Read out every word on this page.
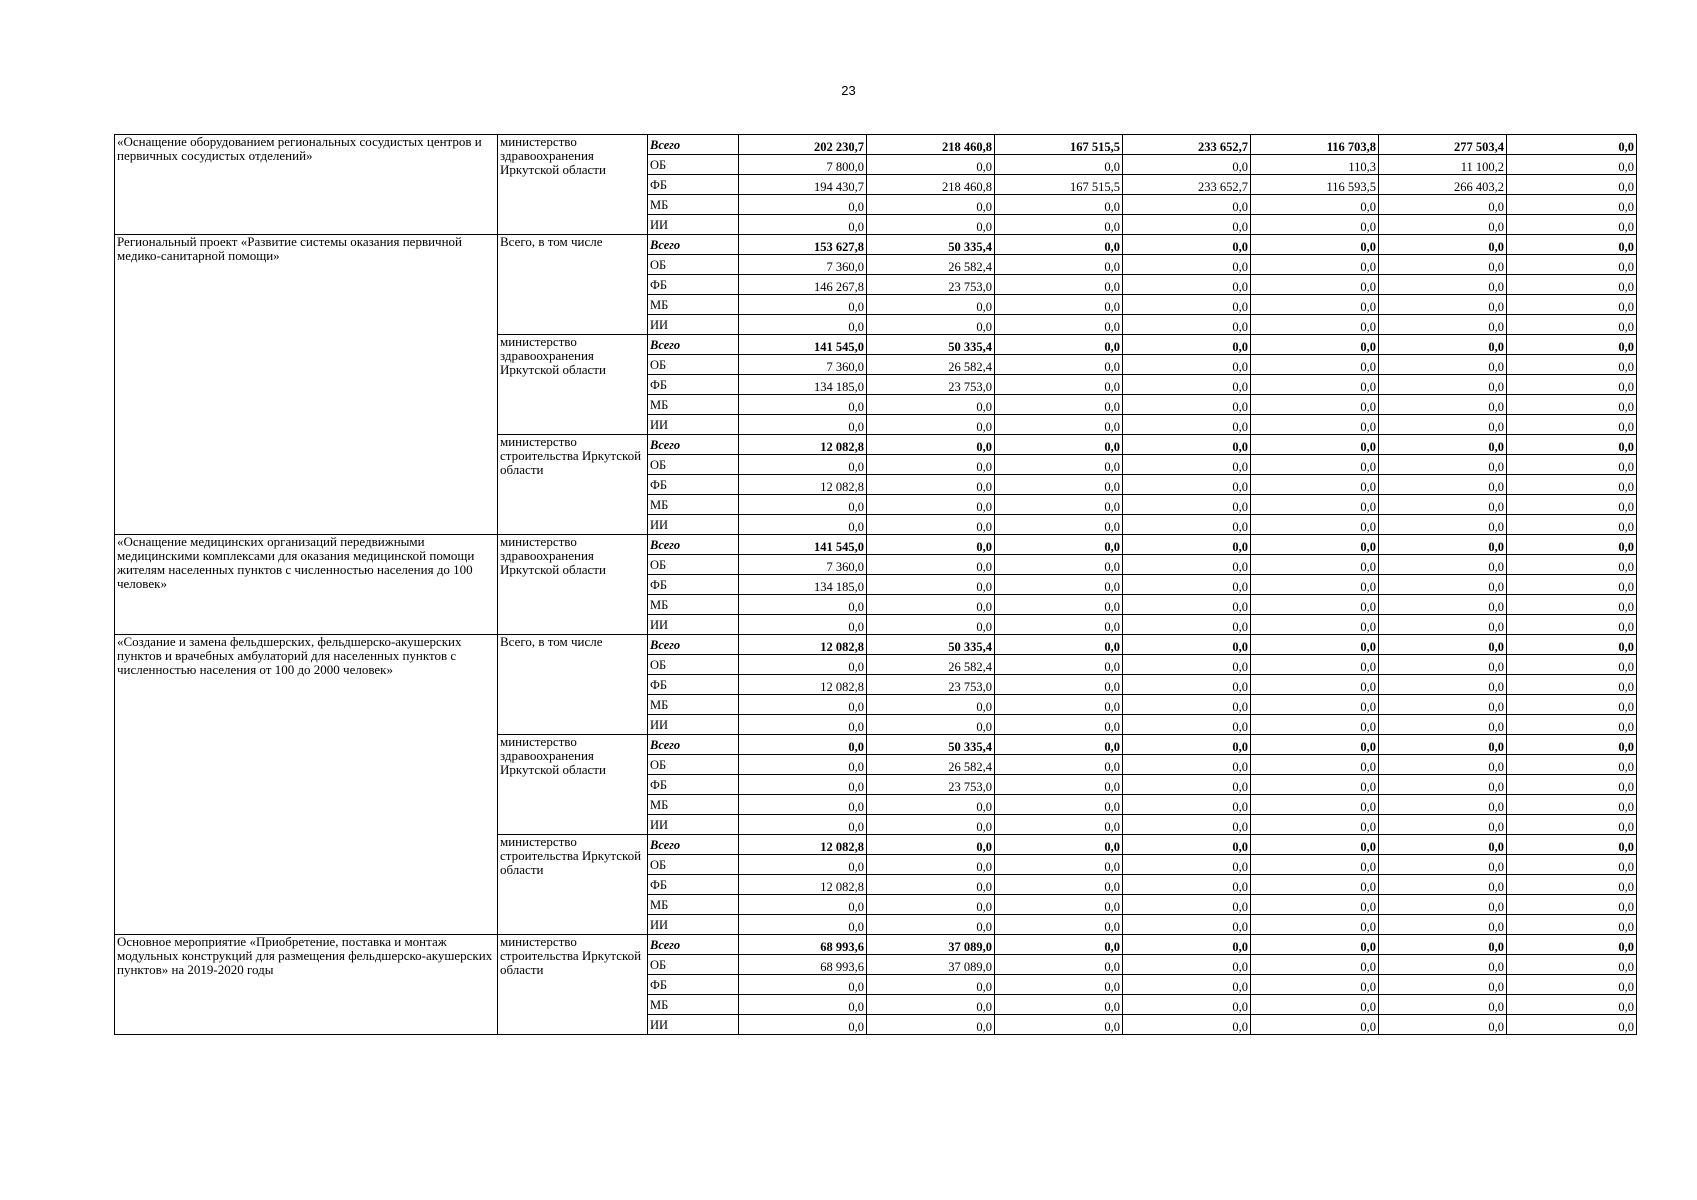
23
«Оснащение оборудованием региональных сосудистых центров и первичных сосудистых отделений»	министерство здравоохранения Иркутской области	Всего	202 230,7	218 460,8	167 515,5	233 652,7	116 703,8	277 503,4	0,0
		ОБ	7 800,0	0,0	0,0	0,0	110,3	11 100,2	0,0
		ФБ	194 430,7	218 460,8	167 515,5	233 652,7	116 593,5	266 403,2	0,0
		МБ	0,0	0,0	0,0	0,0	0,0	0,0	0,0
		ИИ	0,0	0,0	0,0	0,0	0,0	0,0	0,0
Региональный проект «Развитие системы оказания первичной медико-санитарной помощи»	Всего, в том числе	Всего	153 627,8	50 335,4	0,0	0,0	0,0	0,0	0,0
		ОБ	7 360,0	26 582,4	0,0	0,0	0,0	0,0	0,0
		ФБ	146 267,8	23 753,0	0,0	0,0	0,0	0,0	0,0
		МБ	0,0	0,0	0,0	0,0	0,0	0,0	0,0
		ИИ	0,0	0,0	0,0	0,0	0,0	0,0	0,0
	министерство здравоохранения Иркутской области	Всего	141 545,0	50 335,4	0,0	0,0	0,0	0,0	0,0
		ОБ	7 360,0	26 582,4	0,0	0,0	0,0	0,0	0,0
		ФБ	134 185,0	23 753,0	0,0	0,0	0,0	0,0	0,0
		МБ	0,0	0,0	0,0	0,0	0,0	0,0	0,0
		ИИ	0,0	0,0	0,0	0,0	0,0	0,0	0,0
	министерство строительства Иркутской области	Всего	12 082,8	0,0	0,0	0,0	0,0	0,0	0,0
		ОБ	0,0	0,0	0,0	0,0	0,0	0,0	0,0
		ФБ	12 082,8	0,0	0,0	0,0	0,0	0,0	0,0
		МБ	0,0	0,0	0,0	0,0	0,0	0,0	0,0
		ИИ	0,0	0,0	0,0	0,0	0,0	0,0	0,0
«Оснащение медицинских организаций передвижными медицинскими комплексами для оказания медицинской помощи жителям населенных пунктов с численностью населения до 100 человек»	министерство здравоохранения Иркутской области	Всего	141 545,0	0,0	0,0	0,0	0,0	0,0	0,0
		ОБ	7 360,0	0,0	0,0	0,0	0,0	0,0	0,0
		ФБ	134 185,0	0,0	0,0	0,0	0,0	0,0	0,0
		МБ	0,0	0,0	0,0	0,0	0,0	0,0	0,0
		ИИ	0,0	0,0	0,0	0,0	0,0	0,0	0,0
«Создание и замена фельдшерских, фельдшерско-акушерских пунктов и врачебных амбулаторий для населенных пунктов с численностью населения от 100 до 2000 человек»	Всего, в том числе	Всего	12 082,8	50 335,4	0,0	0,0	0,0	0,0	0,0
		ОБ	0,0	26 582,4	0,0	0,0	0,0	0,0	0,0
		ФБ	12 082,8	23 753,0	0,0	0,0	0,0	0,0	0,0
		МБ	0,0	0,0	0,0	0,0	0,0	0,0	0,0
		ИИ	0,0	0,0	0,0	0,0	0,0	0,0	0,0
	министерство здравоохранения Иркутской области	Всего	0,0	50 335,4	0,0	0,0	0,0	0,0	0,0
		ОБ	0,0	26 582,4	0,0	0,0	0,0	0,0	0,0
		ФБ	0,0	23 753,0	0,0	0,0	0,0	0,0	0,0
		МБ	0,0	0,0	0,0	0,0	0,0	0,0	0,0
		ИИ	0,0	0,0	0,0	0,0	0,0	0,0	0,0
	министерство строительства Иркутской области	Всего	12 082,8	0,0	0,0	0,0	0,0	0,0	0,0
		ОБ	0,0	0,0	0,0	0,0	0,0	0,0	0,0
		ФБ	12 082,8	0,0	0,0	0,0	0,0	0,0	0,0
		МБ	0,0	0,0	0,0	0,0	0,0	0,0	0,0
		ИИ	0,0	0,0	0,0	0,0	0,0	0,0	0,0
Основное мероприятие «Приобретение, поставка и монтаж модульных конструкций для размещения фельдшерско-акушерских пунктов» на 2019-2020 годы	министерство строительства Иркутской области	Всего	68 993,6	37 089,0	0,0	0,0	0,0	0,0	0,0
		ОБ	68 993,6	37 089,0	0,0	0,0	0,0	0,0	0,0
		ФБ	0,0	0,0	0,0	0,0	0,0	0,0	0,0
		МБ	0,0	0,0	0,0	0,0	0,0	0,0	0,0
		ИИ	0,0	0,0	0,0	0,0	0,0	0,0	0,0
